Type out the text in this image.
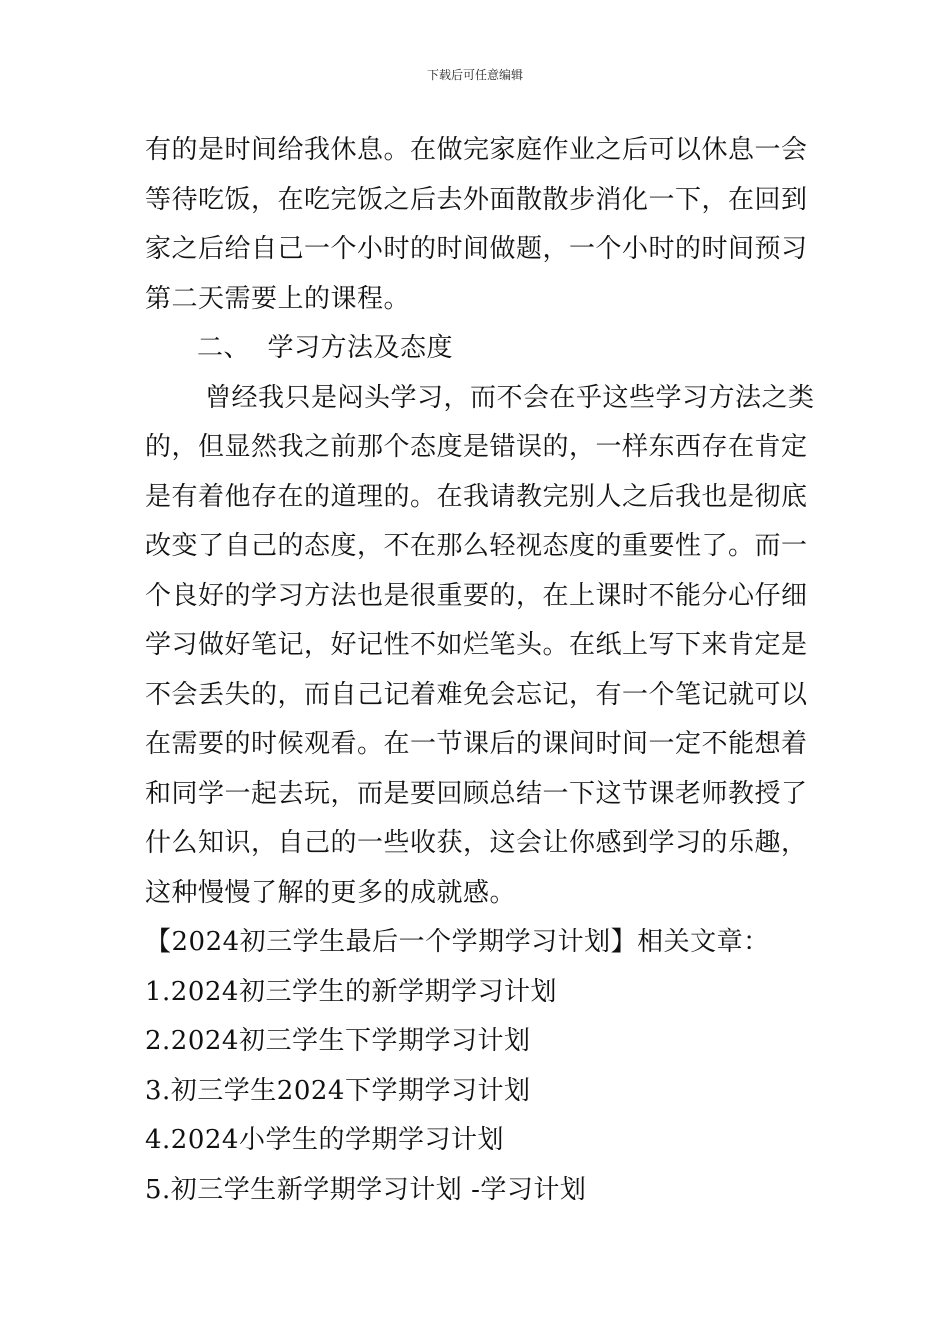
下载后可任意编辑

有的是时间给我休息。在做完家庭作业之后可以休息一会

等待吃饭，在吃完饭之后去外面散散步消化一下，在回到

家之后给自己一个小时的时间做题，一个小时的时间预习

第二天需要上的课程。

二、  学习方法及态度

曾经我只是闷头学习，而不会在乎这些学习方法之类

的，但显然我之前那个态度是错误的，一样东西存在肯定

是有着他存在的道理的。在我请教完别人之后我也是彻底

改变了自己的态度，不在那么轻视态度的重要性了。而一

个良好的学习方法也是很重要的，在上课时不能分心仔细

学习做好笔记，好记性不如烂笔头。在纸上写下来肯定是

不会丢失的，而自己记着难免会忘记，有一个笔记就可以

在需要的时候观看。在一节课后的课间时间一定不能想着

和同学一起去玩，而是要回顾总结一下这节课老师教授了

什么知识，自己的一些收获，这会让你感到学习的乐趣，

这种慢慢了解的更多的成就感。

【2024初三学生最后一个学期学习计划】相关文章：

1.2024初三学生的新学期学习计划

2.2024初三学生下学期学习计划

3.初三学生2024下学期学习计划

4.2024小学生的学期学习计划

5.初三学生新学期学习计划 -学习计划
